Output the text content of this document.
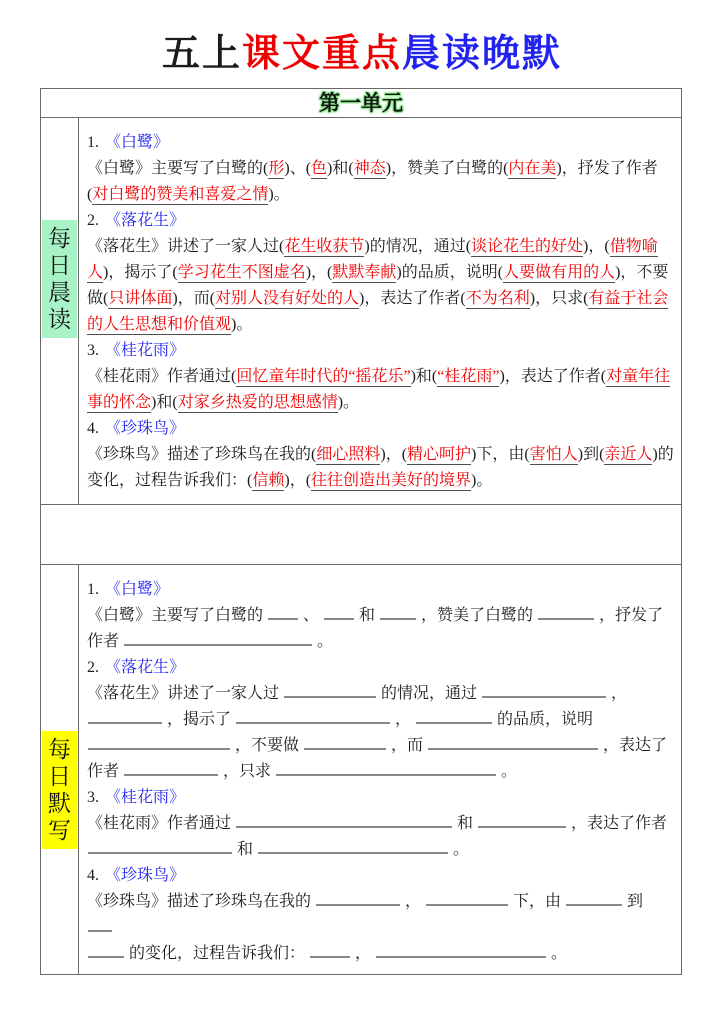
五上课文重点晨读晚默
第一单元
每
日
晨
读
1. 《白鹭》
《白鹭》主要写了白鹭的(形)、(色)和(神态)，赞美了白鹭的(内在美)，抒发了作者(对白鹭的赞美和喜爱之情)。
2. 《落花生》
《落花生》讲述了一家人过(花生收获节)的情况，通过(谈论花生的好处)，(借物喻人)，揭示了(学习花生不图虚名)，(默默奉献)的品质，说明(人要做有用的人)，不要做(只讲体面)，而(对别人没有好处的人)，表达了作者(不为名利)，只求(有益于社会的人生思想和价值观)。
3. 《桂花雨》
《桂花雨》作者通过(回忆童年时代的“摇花乐”)和(“桂花雨”)，表达了作者(对童年往事的怀念)和(对家乡热爱的思想感情)。
4. 《珍珠鸟》
《珍珠鸟》描述了珍珠鸟在我的(细心照料)，(精心呵护)下，由(害怕人)到(亲近人)的变化，过程告诉我们：(信赖)，(往往创造出美好的境界)。
每
日
默
写
1. 《白鹭》
《白鹭》主要写了白鹭的  、  和  ，赞美了白鹭的	，抒发了作者	。
2. 《落花生》
《落花生》讲述了一家人过	的情况，通过	， ，揭示了	，	的品质，说明  ，不要做	，而	，表达了作者	，只求	。
3. 《桂花雨》
《桂花雨》作者通过	和	，表达了作者  和	。
4. 《珍珠鸟》
《珍珠鸟》描述了珍珠鸟在我的	，	下，由	到

的变化，过程告诉我们：	，	。
